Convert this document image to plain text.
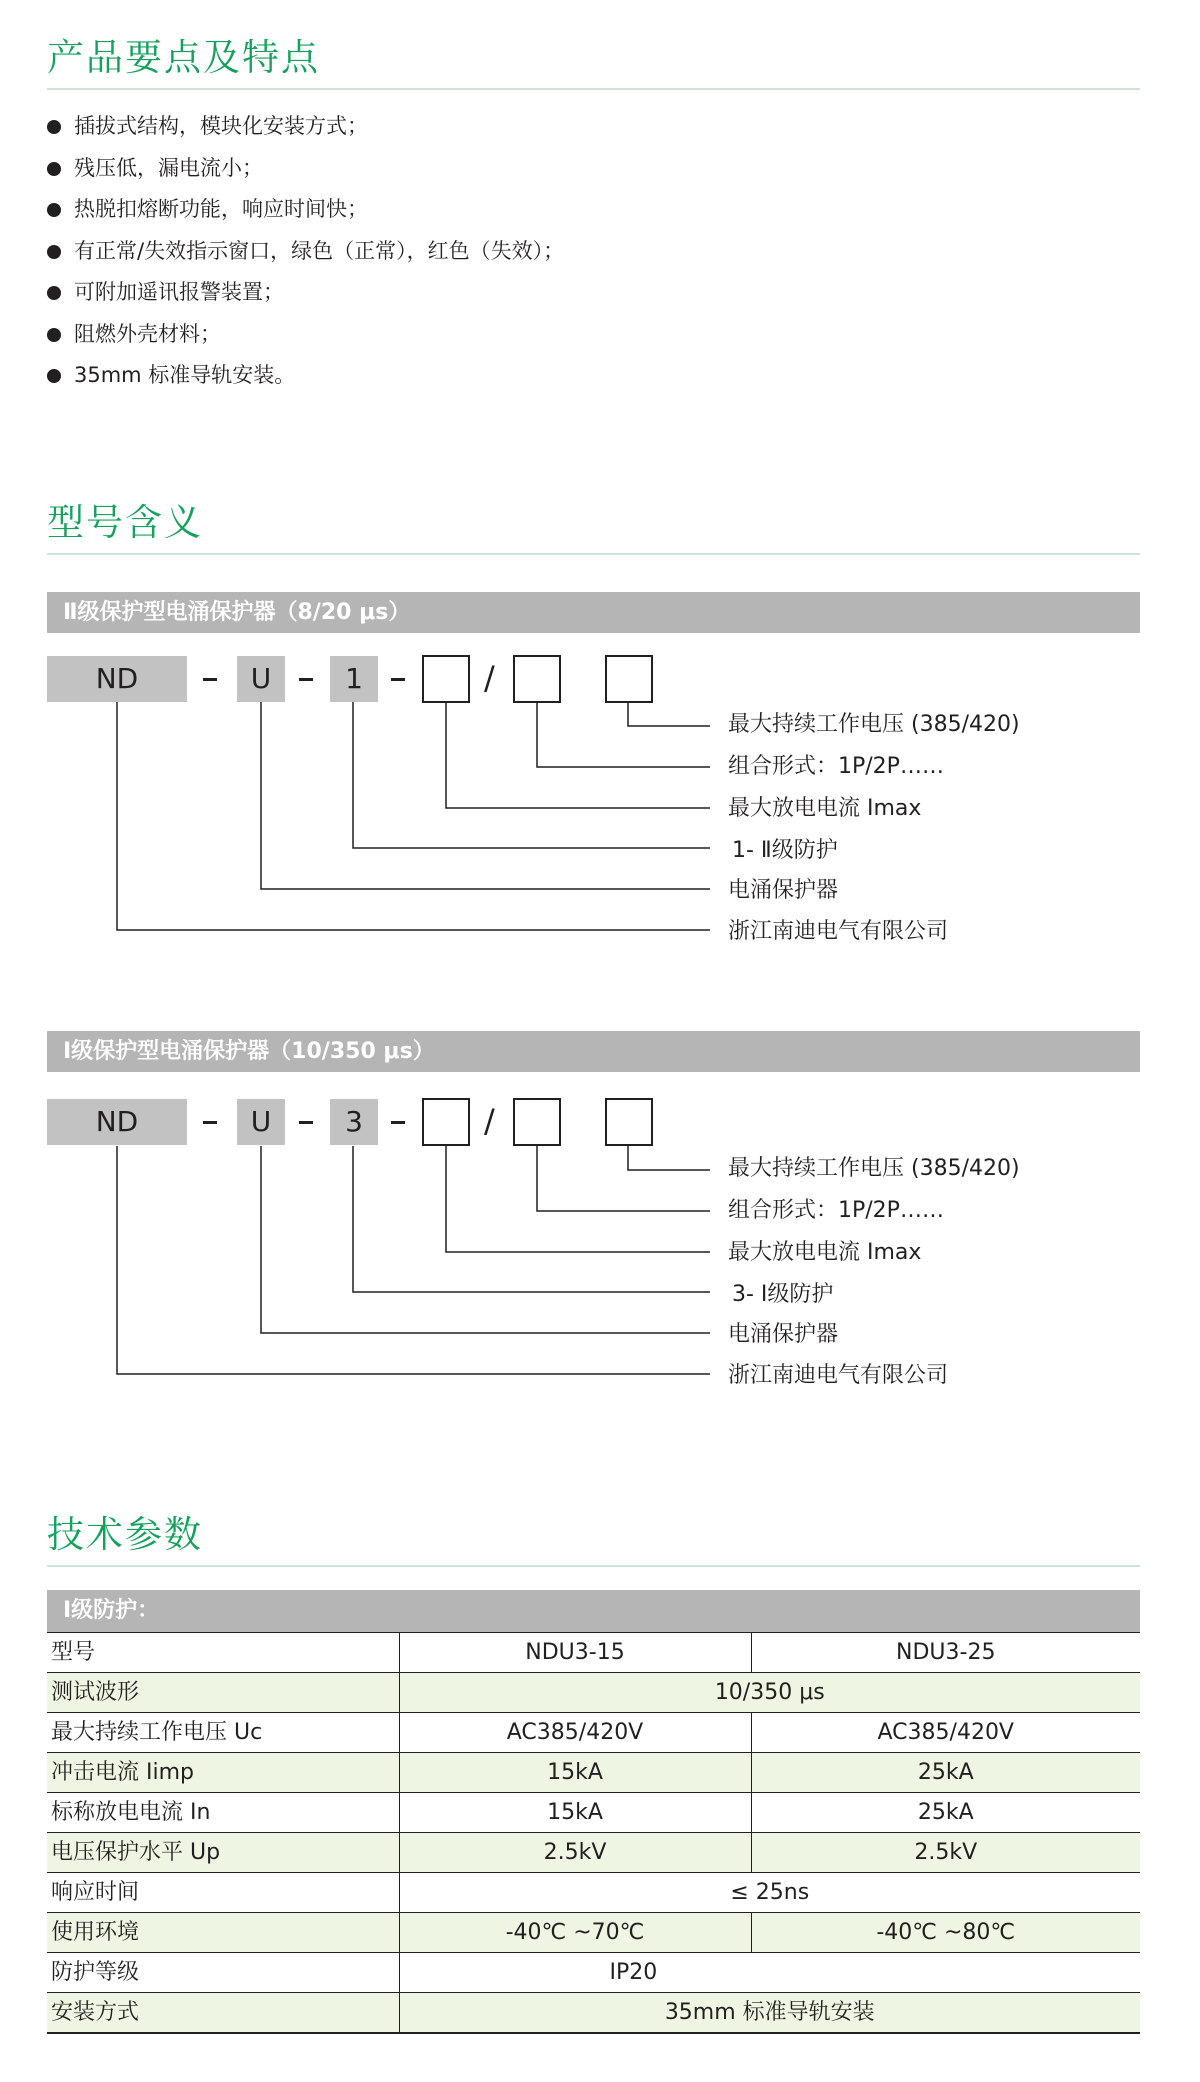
产品要点及特点
插拔式结构，模块化安装方式；
残压低，漏电流小；
热脱扣熔断功能，响应时间快；
有正常/失效指示窗口，绿色（正常），红色（失效）；
可附加遥讯报警装置；
阻燃外壳材料；
35mm 标准导轨安装。
型号含义
Ⅱ级保护型电涌保护器（8/20 μs）
ND	U	1	/
最大持续工作电压 (385/420)
组合形式：1P/2P……
最大放电电流 Imax
1- Ⅱ级防护
电涌保护器
浙江南迪电气有限公司
Ⅰ级保护型电涌保护器（10/350 μs）
ND	U	3	/
最大持续工作电压 (385/420)
组合形式：1P/2P……
最大放电电流 Imax
3- Ⅰ级防护
电涌保护器
浙江南迪电气有限公司
技术参数
Ⅰ级防护：
型号	NDU3-15	NDU3-25
测试波形	10/350 μs	
最大持续工作电压 Uc	AC385/420V	AC385/420V
冲击电流 Iimp	15kA	25kA
标称放电电流 In	15kA	25kA
电压保护水平 Up	2.5kV	2.5kV
响应时间	≤ 25ns	
使用环境	-40℃ ~70℃	-40℃ ~80℃
防护等级	IP20	
安装方式	35mm 标准导轨安装	
